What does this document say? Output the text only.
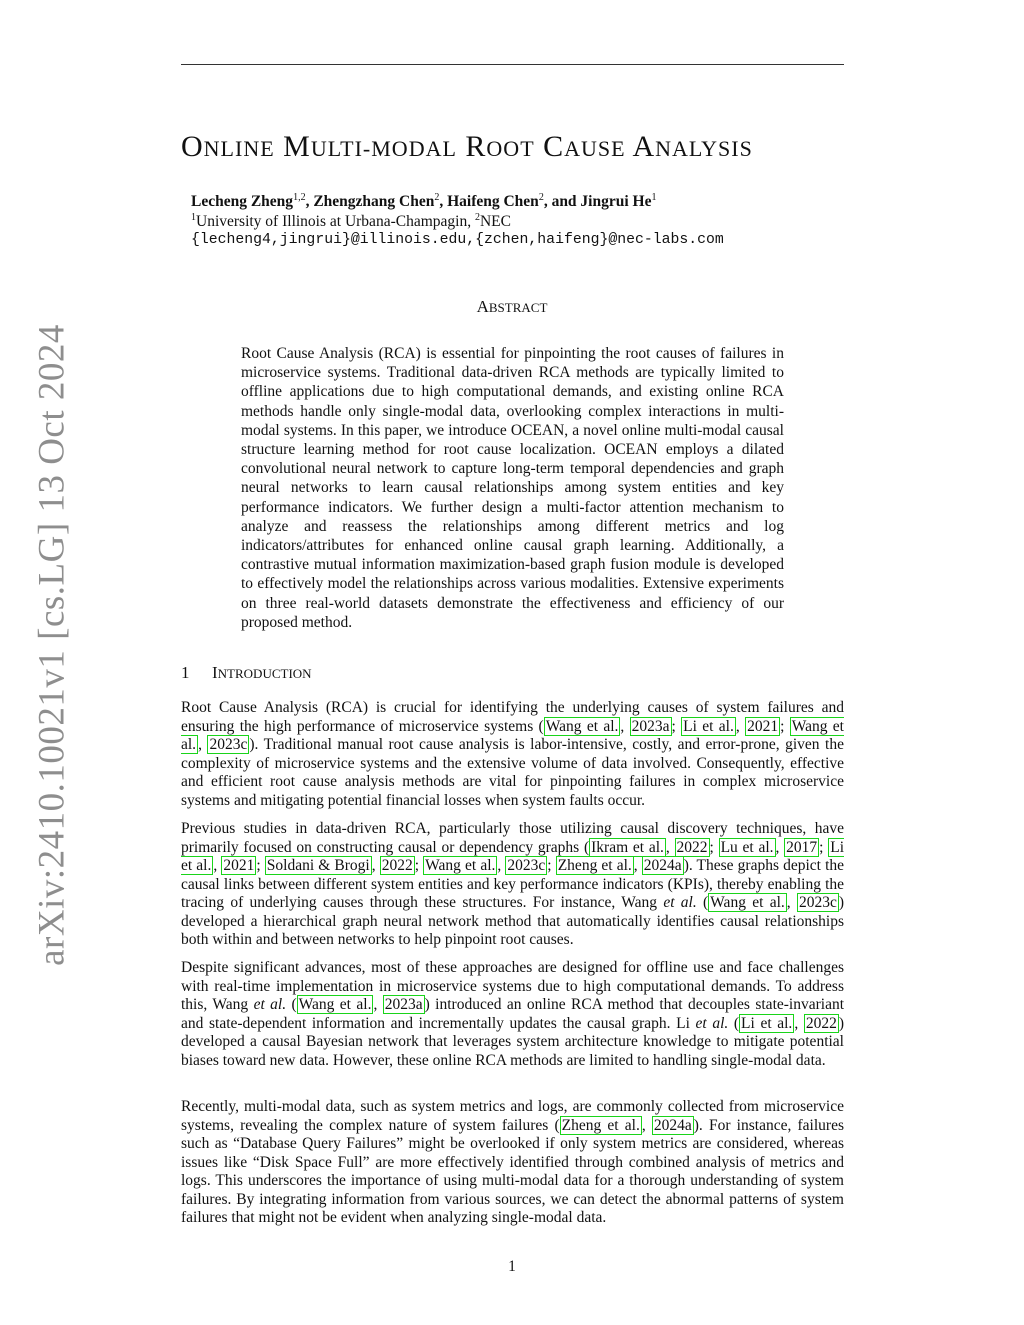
arXiv:2410.10021v1 [cs.LG] 13 Oct 2024
ONLINE MULTI-MODAL ROOT CAUSE ANALYSIS
Lecheng Zheng$^{1,2}$, Zhengzhang Chen$^2$, Haifeng Chen$^2$, and Jingrui He$^1$
$^1$University of Illinois at Urbana-Champagin, $^2$NEC
{lecheng4,jingrui}@illinois.edu,{zchen,haifeng}@nec-labs.com
ABSTRACT

Root Cause Analysis (RCA) is essential for pinpointing the root causes of failures in microservice systems. Traditional data-driven RCA methods are typically limited to offline applications due to high computational demands, and existing online RCA methods handle only single-modal data, overlooking complex interactions in multi-modal systems. In this paper, we introduce OCEAN, a novel online multi-modal causal structure learning method for root cause localization. OCEAN employs a dilated convolutional neural network to capture long-term temporal dependencies and graph neural networks to learn causal relationships among system entities and key performance indicators. We further design a multi-factor attention mechanism to analyze and reassess the relationships among different metrics and log indicators/attributes for enhanced online causal graph learning. Additionally, a contrastive mutual information maximization-based graph fusion module is developed to effectively model the relationships across various modalities. Extensive experiments on three real-world datasets demonstrate the effectiveness and efficiency of our proposed method.

1 INTRODUCTION

Root Cause Analysis (RCA) is crucial for identifying the underlying causes of system failures and ensuring the high performance of microservice systems ( Wang et al. , 2023a ; Li et al. , 2021 ; Wang et al. , 2023c ). Traditional manual root cause analysis is labor-intensive, costly, and error-prone, given the complexity of microservice systems and the extensive volume of data involved. Consequently, effective and efficient root cause analysis methods are vital for pinpointing failures in complex microservice systems and mitigating potential financial losses when system faults occur.

Previous studies in data-driven RCA, particularly those utilizing causal discovery techniques, have primarily focused on constructing causal or dependency graphs ( Ikram et al. , 2022 ; Lu et al. , 2017 ; Li et al. , 2021 ; Soldani & Brogi , 2022 ; Wang et al. , 2023c ; Zheng et al. , 2024a ). These graphs depict the causal links between different system entities and key performance indicators (KPIs), thereby enabling the tracing of underlying causes through these structures. For instance, Wang et al. ( Wang et al. , 2023c ) developed a hierarchical graph neural network method that automatically identifies causal relationships both within and between networks to help pinpoint root causes.

Despite significant advances, most of these approaches are designed for offline use and face challenges with real-time implementation in microservice systems due to high computational demands. To address this, Wang et al. ( Wang et al. , 2023a ) introduced an online RCA method that decouples state-invariant and state-dependent information and incrementally updates the causal graph. Li et al. ( Li et al. , 2022 ) developed a causal Bayesian network that leverages system architecture knowledge to mitigate potential biases toward new data. However, these online RCA methods are limited to handling single-modal data.

Recently, multi-modal data, such as system metrics and logs, are commonly collected from microservice systems, revealing the complex nature of system failures ( Zheng et al. , 2024a ). For instance, failures such as “Database Query Failures” might be overlooked if only system metrics are considered, whereas issues like “Disk Space Full” are more effectively identified through combined analysis of metrics and logs. This underscores the importance of using multi-modal data for a thorough understanding of system failures. By integrating information from various sources, we can detect the abnormal patterns of system failures that might not be evident when analyzing single-modal data.

1
